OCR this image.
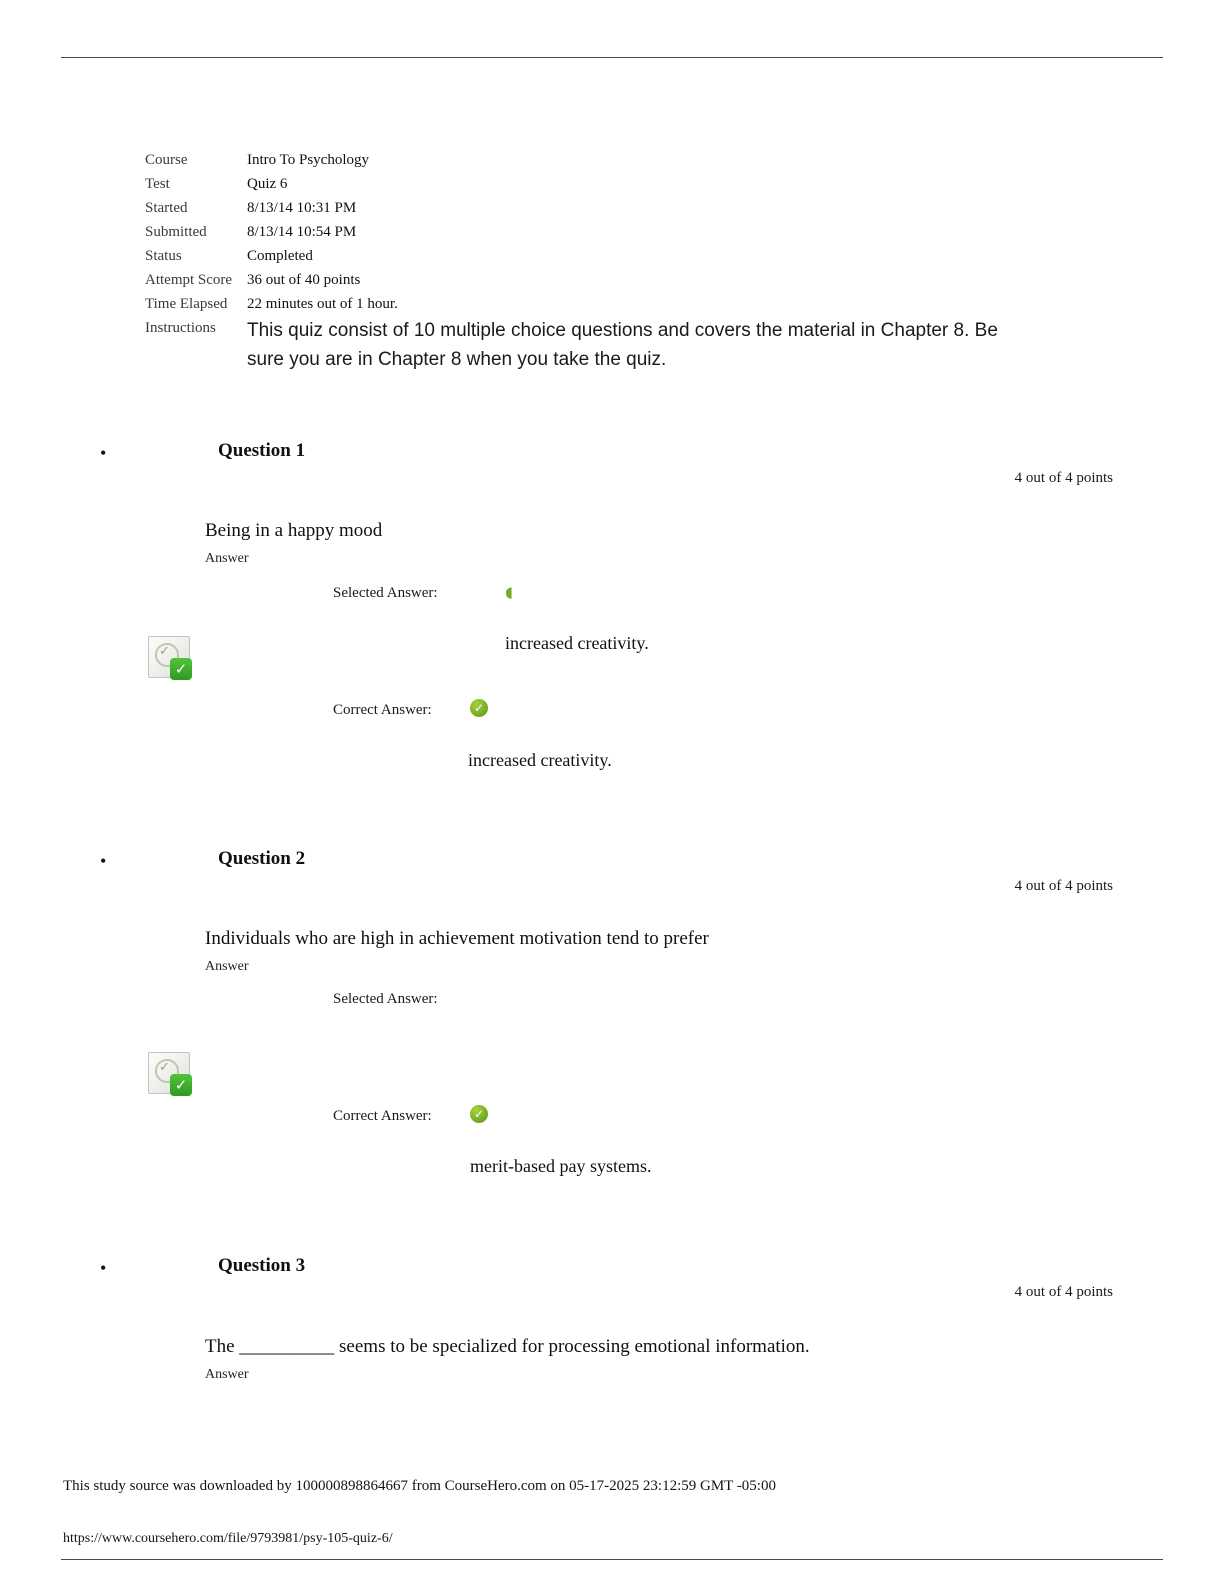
Course	Intro To Psychology
Test	Quiz 6
Started	8/13/14 10:31 PM
Submitted	8/13/14 10:54 PM
Status	Completed
Attempt Score 36 out of 40 points
Time Elapsed	22 minutes out of 1 hour.
Instructions	This quiz consist of 10 multiple choice questions and covers the material in Chapter 8. Be sure you are in Chapter 8 when you take the quiz.
•	Question 1
4 out of 4 points
Being in a happy mood
Answer
Selected Answer:	◖
increased creativity.
✓
✓
Correct Answer:	✓
increased creativity.
•	Question 2
4 out of 4 points
Individuals who are high in achievement motivation tend to prefer
Answer
Selected Answer:
✓
✓
Correct Answer:	✓
merit-based pay systems.
•	Question 3
4 out of 4 points
The __________ seems to be specialized for processing emotional information.
Answer
This study source was downloaded by 100000898864667 from CourseHero.com on 05-17-2025 23:12:59 GMT -05:00
https://www.coursehero.com/file/9793981/psy-105-quiz-6/
